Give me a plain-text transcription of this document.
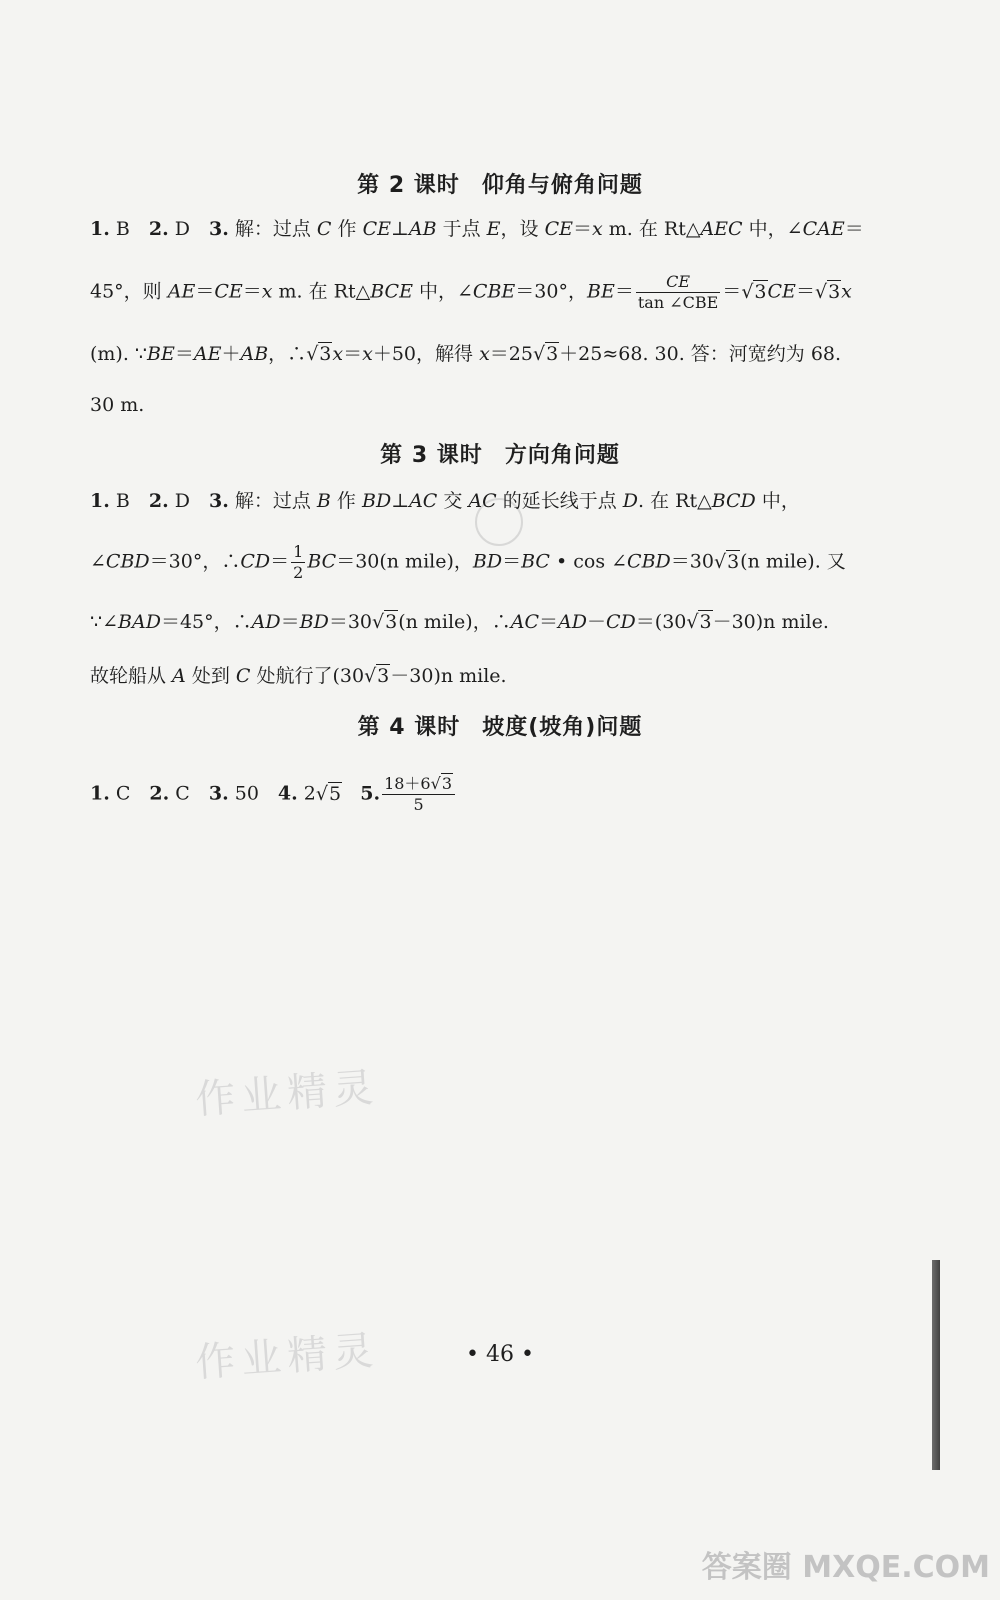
第 2 课时 仰角与俯角问题
1. B　2. D　3. 解：过点 C 作 CE⊥AB 于点 E，设 CE＝x m. 在 Rt△AEC 中，∠CAE＝
45°，则 AE＝CE＝x m. 在 Rt△BCE 中，∠CBE＝30°，$BE= \frac{CE}{\text{tan ∠CBE}} =√3CE=√3x$
(m). ∵BE＝AE＋AB，∴√3x＝x＋50，解得 x＝25√3＋25≈68. 30. 答：河宽约为 68.
30 m.
第 3 课时 方向角问题
1. B　2. D　3. 解：过点 B 作 BD⊥AC 交 AC 的延长线于点 D. 在 Rt△BCD 中，
∠CBD＝30°，∴CD＝ $\frac{1}{2} BC=30(n$ mile)，BD＝BC • cos ∠CBD＝30√3(n mile). 又
∵∠BAD＝45°，∴AD＝BD＝30√3(n mile)，∴AC＝AD－CD＝(30√3－30)n mile.
故轮船从 A 处到 C 处航行了(30√3－30)n mile.
第 4 课时 坡度(坡角)问题
1. C　2. C　3. 50　4. 2√5 5. $\frac{18+6√3}{5}$
作业精灵
作业精灵	• 46 •
答案圈 MXQE.COM
